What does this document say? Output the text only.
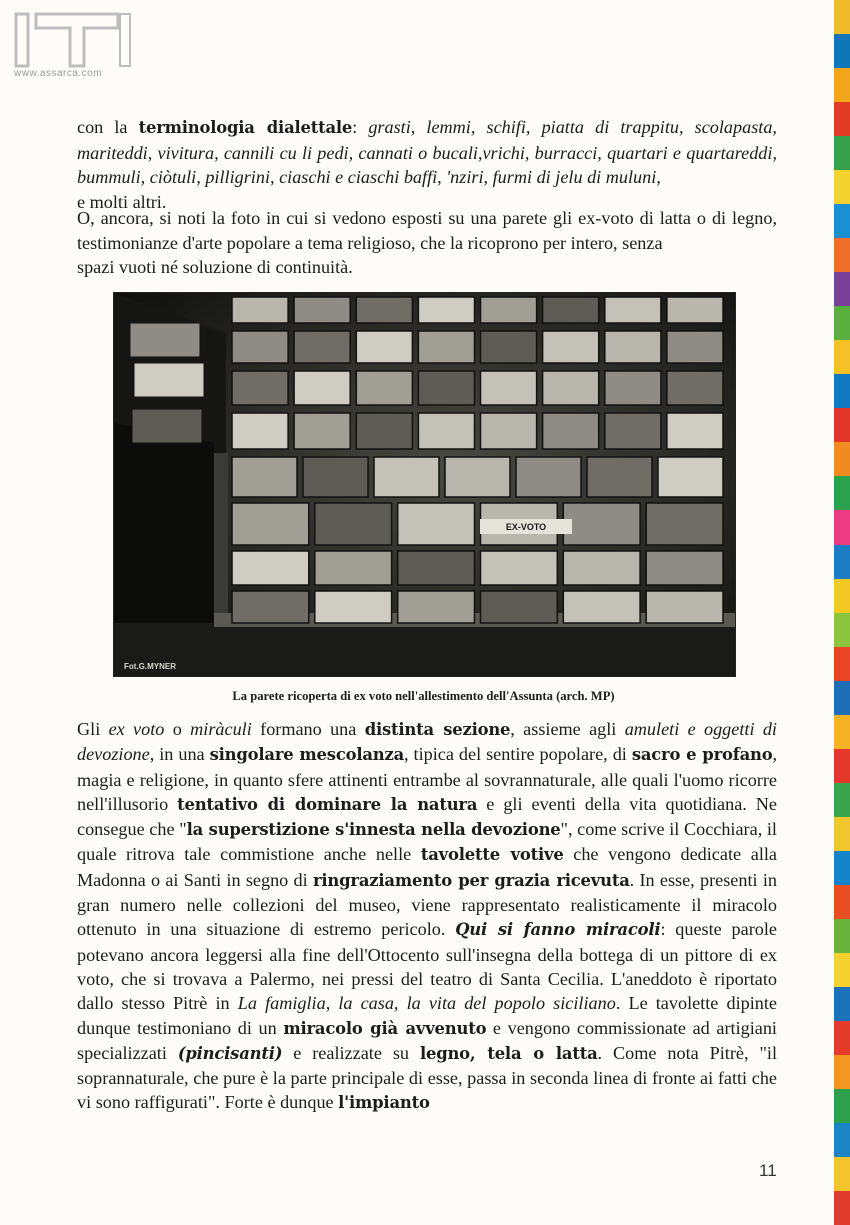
www.assarca.com

con la terminologia dialettale: grasti, lemmi, schifi, piatta di trappitu, scolapasta, mariteddi, vivitura, cannili cu li pedi, cannati o bucali,vrichi, burracci, quartari e quartareddi, bummuli, ciòtuli, pilligrini, ciaschi e ciaschi baffi, 'nziri, furmi di jelu di muluni,
e molti altri.

O, ancora, si noti la foto in cui si vedono esposti su una parete gli ex-voto di latta o di legno, testimonianze d'arte popolare a tema religioso, che la ricoprono per intero, senza
spazi vuoti né soluzione di continuità.

EX-VOTO
Fot.G.MYNER

La parete ricoperta di ex voto nell'allestimento dell'Assunta (arch. MP)

Gli ex voto o miràculi formano una distinta sezione, assieme agli amuleti e oggetti di devozione, in una singolare mescolanza, tipica del sentire popolare, di sacro e profano, magia e religione, in quanto sfere attinenti entrambe al sovrannaturale, alle quali l'uomo ricorre nell'illusorio tentativo di dominare la natura e gli eventi della vita quotidiana. Ne consegue che "la superstizione s'innesta nella devozione", come scrive il Cocchiara, il quale ritrova tale commistione anche nelle tavolette votive che vengono dedicate alla Madonna o ai Santi in segno di ringraziamento per grazia ricevuta. In esse, presenti in gran numero nelle collezioni del museo, viene rappresentato realisticamente il miracolo ottenuto in una situazione di estremo pericolo. Qui si fanno miracoli: queste parole potevano ancora leggersi alla fine dell'Ottocento sull'insegna della bottega di un pittore di ex voto, che si trovava a Palermo, nei pressi del teatro di Santa Cecilia. L'aneddoto è riportato dallo stesso Pitrè in La famiglia, la casa, la vita del popolo siciliano. Le tavolette dipinte dunque testimoniano di un miracolo già avvenuto e vengono commissionate ad artigiani specializzati (pincisanti) e realizzate su legno, tela o latta. Come nota Pitrè, "il soprannaturale, che pure è la parte principale di esse, passa in seconda linea di fronte ai fatti che vi sono raffigurati". Forte è dunque l'impianto

11
